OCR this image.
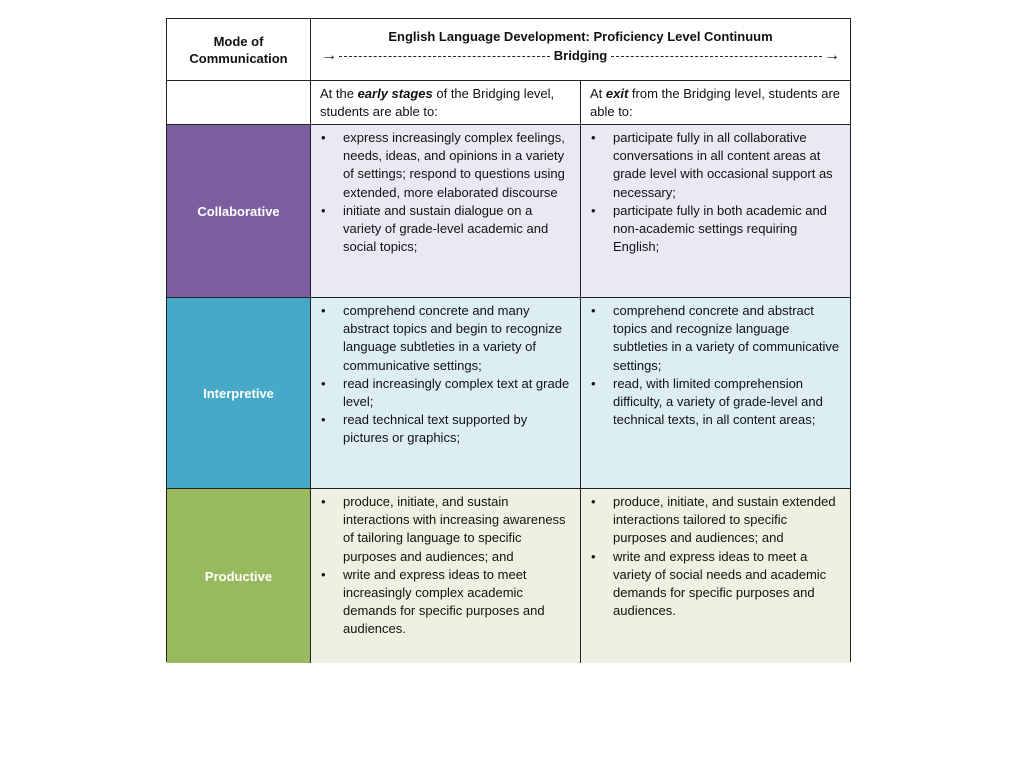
Mode of Communication
English Language Development: Proficiency Level Continuum
→	Bridging	→
At the early stages of the Bridging level, students are able to:
At exit from the Bridging level, students are able to:
Collaborative
• express increasingly complex feelings, needs, ideas, and opinions in a variety of settings; respond to questions using extended, more elaborated discourse
• initiate and sustain dialogue on a variety of grade-level academic and social topics;
• participate fully in all collaborative conversations in all content areas at grade level with occasional support as necessary;
• participate fully in both academic and non-academic settings requiring English;
Interpretive
• comprehend concrete and many abstract topics and begin to recognize language subtleties in a variety of communicative settings;
• read increasingly complex text at grade level;
• read technical text supported by pictures or graphics;
• comprehend concrete and abstract topics and recognize language subtleties in a variety of communicative settings;
• read, with limited comprehension difficulty, a variety of grade-level and technical texts, in all content areas;
Productive
• produce, initiate, and sustain interactions with increasing awareness of tailoring language to specific purposes and audiences; and
• write and express ideas to meet increasingly complex academic demands for specific purposes and audiences.
• produce, initiate, and sustain extended interactions tailored to specific purposes and audiences; and
• write and express ideas to meet a variety of social needs and academic demands for specific purposes and audiences.
